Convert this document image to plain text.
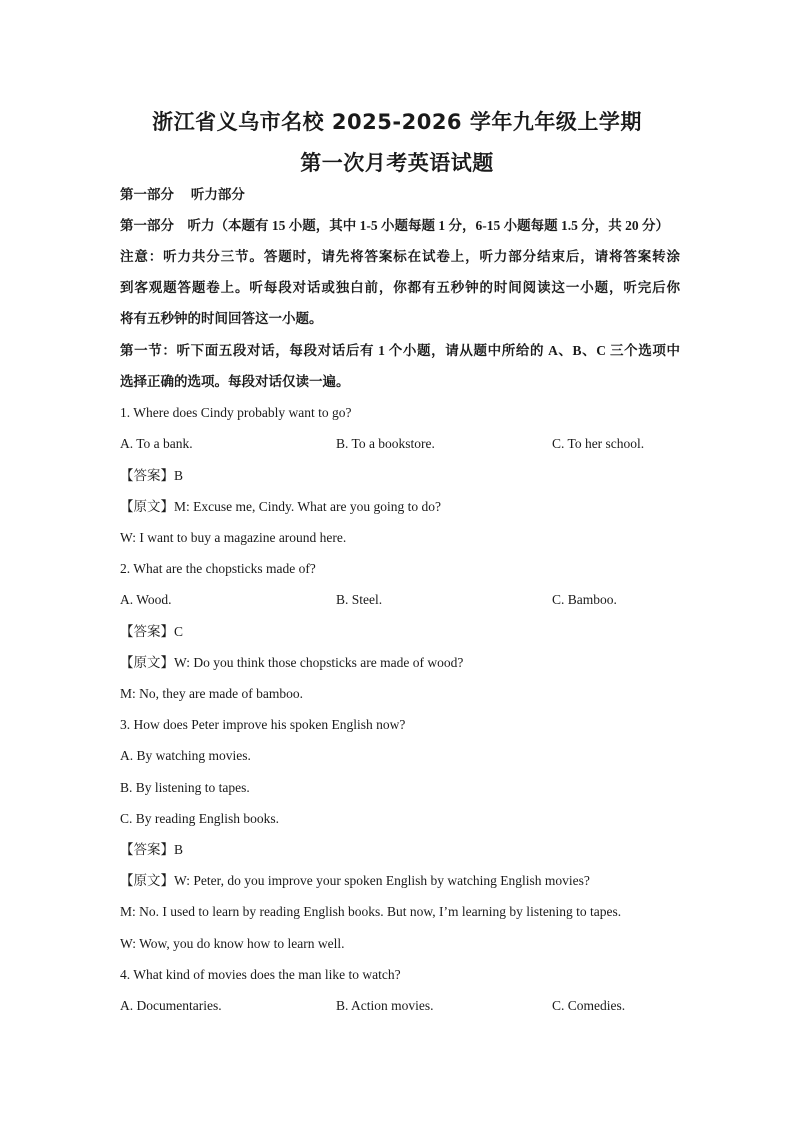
浙江省义乌市名校 2025-2026 学年九年级上学期
第一次月考英语试题
第一部分　 听力部分
第一部分　听力（本题有 15 小题，其中 1-5 小题每题 1 分，6-15 小题每题 1.5 分，共 20 分）
注意：听力共分三节。答题时，请先将答案标在试卷上，听力部分结束后，请将答案转涂
到客观题答题卷上。听每段对话或独白前，你都有五秒钟的时间阅读这一小题，听完后你
将有五秒钟的时间回答这一小题。
第一节：听下面五段对话，每段对话后有 1 个小题，请从题中所给的 A、B、C 三个选项中
选择正确的选项。每段对话仅读一遍。
1. Where does Cindy probably want to go?
A. To a bank.	B. To a bookstore.	C. To her school.
【答案】B
【原文】M: Excuse me, Cindy. What are you going to do?
W: I want to buy a magazine around here.
2. What are the chopsticks made of?
A. Wood.	B. Steel.	C. Bamboo.
【答案】C
【原文】W: Do you think those chopsticks are made of wood?
M: No, they are made of bamboo.
3. How does Peter improve his spoken English now?
A. By watching movies.
B. By listening to tapes.
C. By reading English books.
【答案】B
【原文】W: Peter, do you improve your spoken English by watching English movies?
M: No. I used to learn by reading English books. But now, I’m learning by listening to tapes.
W: Wow, you do know how to learn well.
4. What kind of movies does the man like to watch?
A. Documentaries.	B. Action movies.	C. Comedies.
